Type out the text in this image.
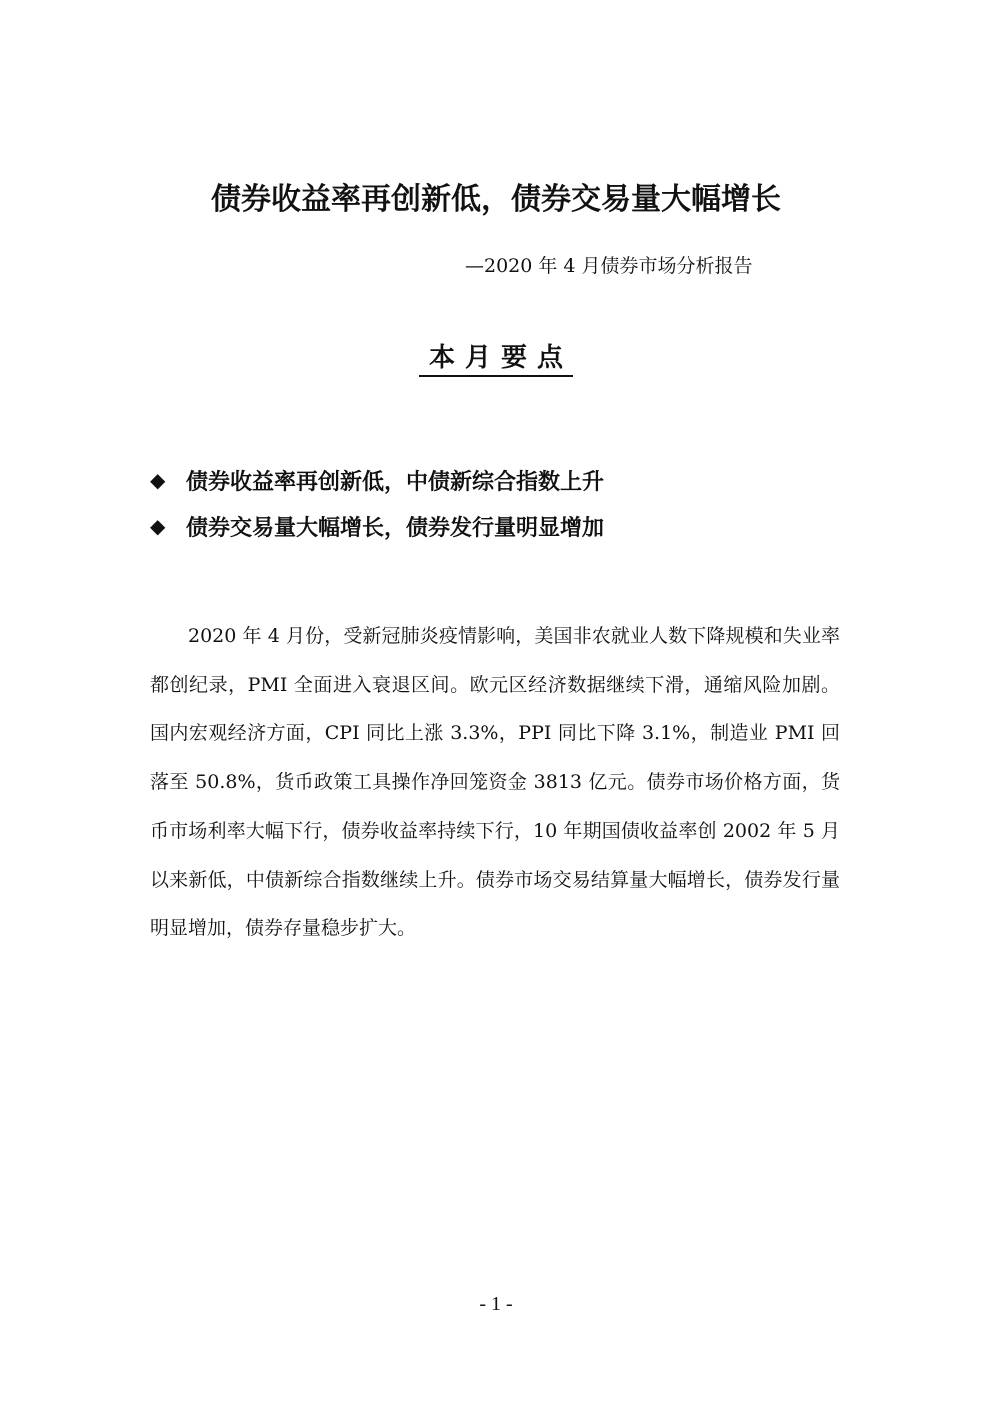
债券收益率再创新低，债券交易量大幅增长
—2020 年 4 月债券市场分析报告
本月要点
◆ 债券收益率再创新低，中债新综合指数上升
◆ 债券交易量大幅增长，债券发行量明显增加

2020 年 4 月份，受新冠肺炎疫情影响，美国非农就业人数下降规模和失业率都创纪录，PMI 全面进入衰退区间。欧元区经济数据继续下滑，通缩风险加剧。国内宏观经济方面，CPI 同比上涨 3.3%，PPI 同比下降 3.1%，制造业 PMI 回落至 50.8%，货币政策工具操作净回笼资金 3813 亿元。债券市场价格方面，货币市场利率大幅下行，债券收益率持续下行，10 年期国债收益率创 2002 年 5 月以来新低，中债新综合指数继续上升。债券市场交易结算量大幅增长，债券发行量明显增加，债券存量稳步扩大。

- 1 -
